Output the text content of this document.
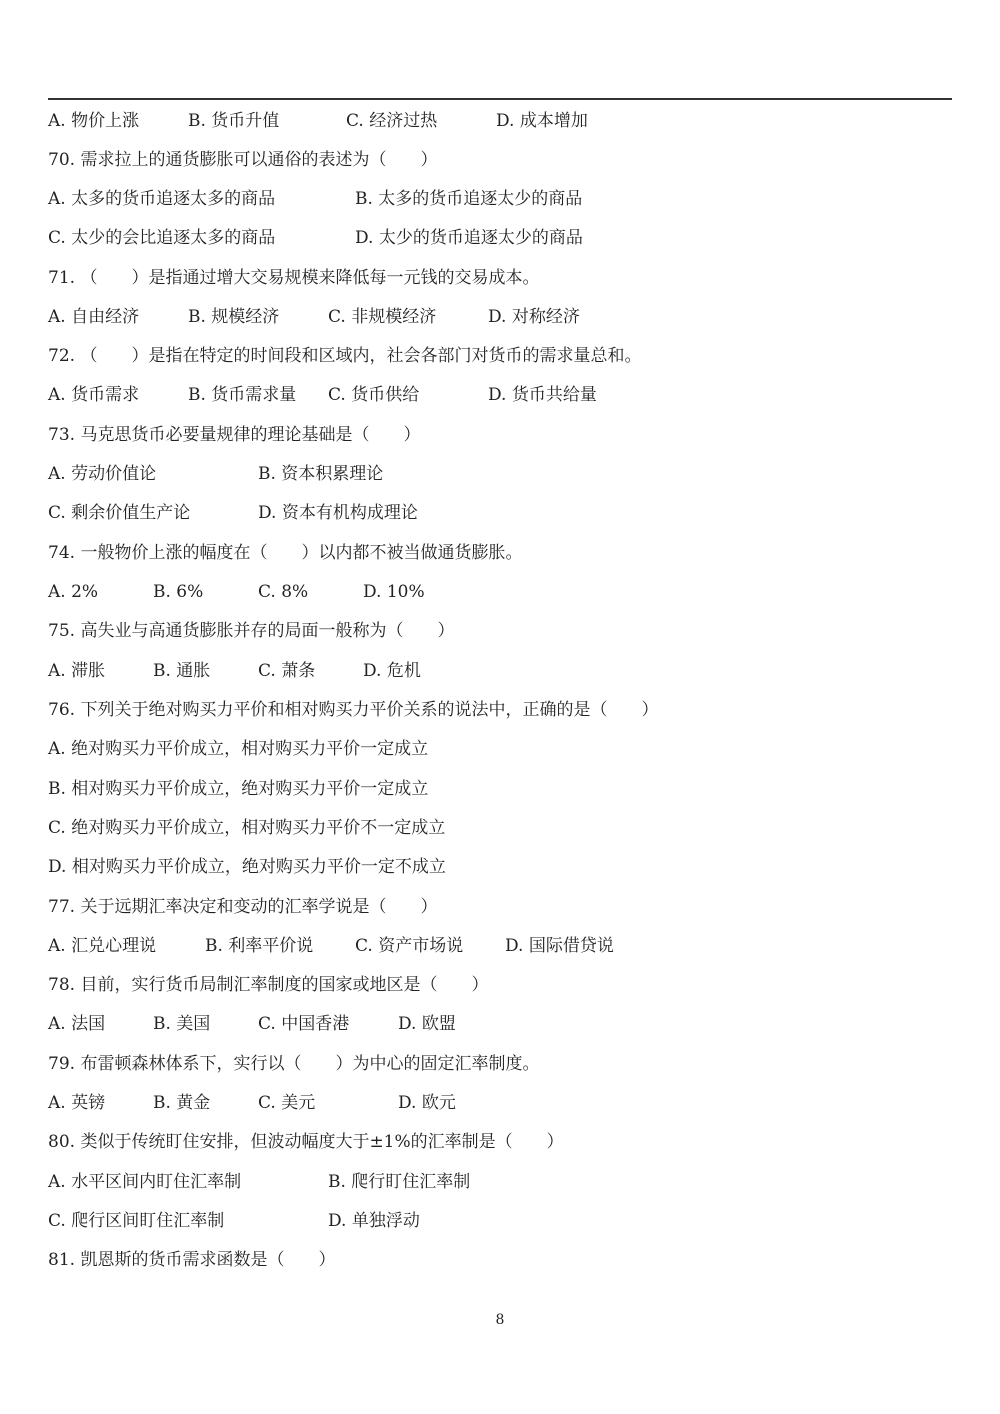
A. 物价上涨	B. 货币升值	C. 经济过热	D. 成本增加
70. 需求拉上的通货膨胀可以通俗的表述为（　　）
A. 太多的货币追逐太多的商品	B. 太多的货币追逐太少的商品
C. 太少的会比追逐太多的商品	D. 太少的货币追逐太少的商品
71. （　　）是指通过增大交易规模来降低每一元钱的交易成本。
A. 自由经济	B. 规模经济	C. 非规模经济	D. 对称经济
72. （　　）是指在特定的时间段和区域内，社会各部门对货币的需求量总和。
A. 货币需求	B. 货币需求量 C. 货币供给	D. 货币共给量
73. 马克思货币必要量规律的理论基础是（　　）
A. 劳动价值论	B. 资本积累理论
C. 剩余价值生产论	D. 资本有机构成理论
74. 一般物价上涨的幅度在（　　）以内都不被当做通货膨胀。
A. 2%	B. 6%	C. 8%	D. 10%
75. 高失业与高通货膨胀并存的局面一般称为（　　）
A. 滞胀	B. 通胀	C. 萧条	D. 危机
76. 下列关于绝对购买力平价和相对购买力平价关系的说法中，正确的是（　　）
A. 绝对购买力平价成立，相对购买力平价一定成立
B. 相对购买力平价成立，绝对购买力平价一定成立
C. 绝对购买力平价成立，相对购买力平价不一定成立
D. 相对购买力平价成立，绝对购买力平价一定不成立
77. 关于远期汇率决定和变动的汇率学说是（　　）
A. 汇兑心理说	B. 利率平价说 C. 资产市场说 D. 国际借贷说
78. 目前，实行货币局制汇率制度的国家或地区是（　　）
A. 法国	B. 美国	C. 中国香港	D. 欧盟
79. 布雷顿森林体系下，实行以（　　）为中心的固定汇率制度。
A. 英镑	B. 黄金	C. 美元	D. 欧元
80. 类似于传统盯住安排，但波动幅度大于±1%的汇率制是（　　）
A. 水平区间内盯住汇率制	B. 爬行盯住汇率制
C. 爬行区间盯住汇率制	D. 单独浮动
81. 凯恩斯的货币需求函数是（　　）
8
